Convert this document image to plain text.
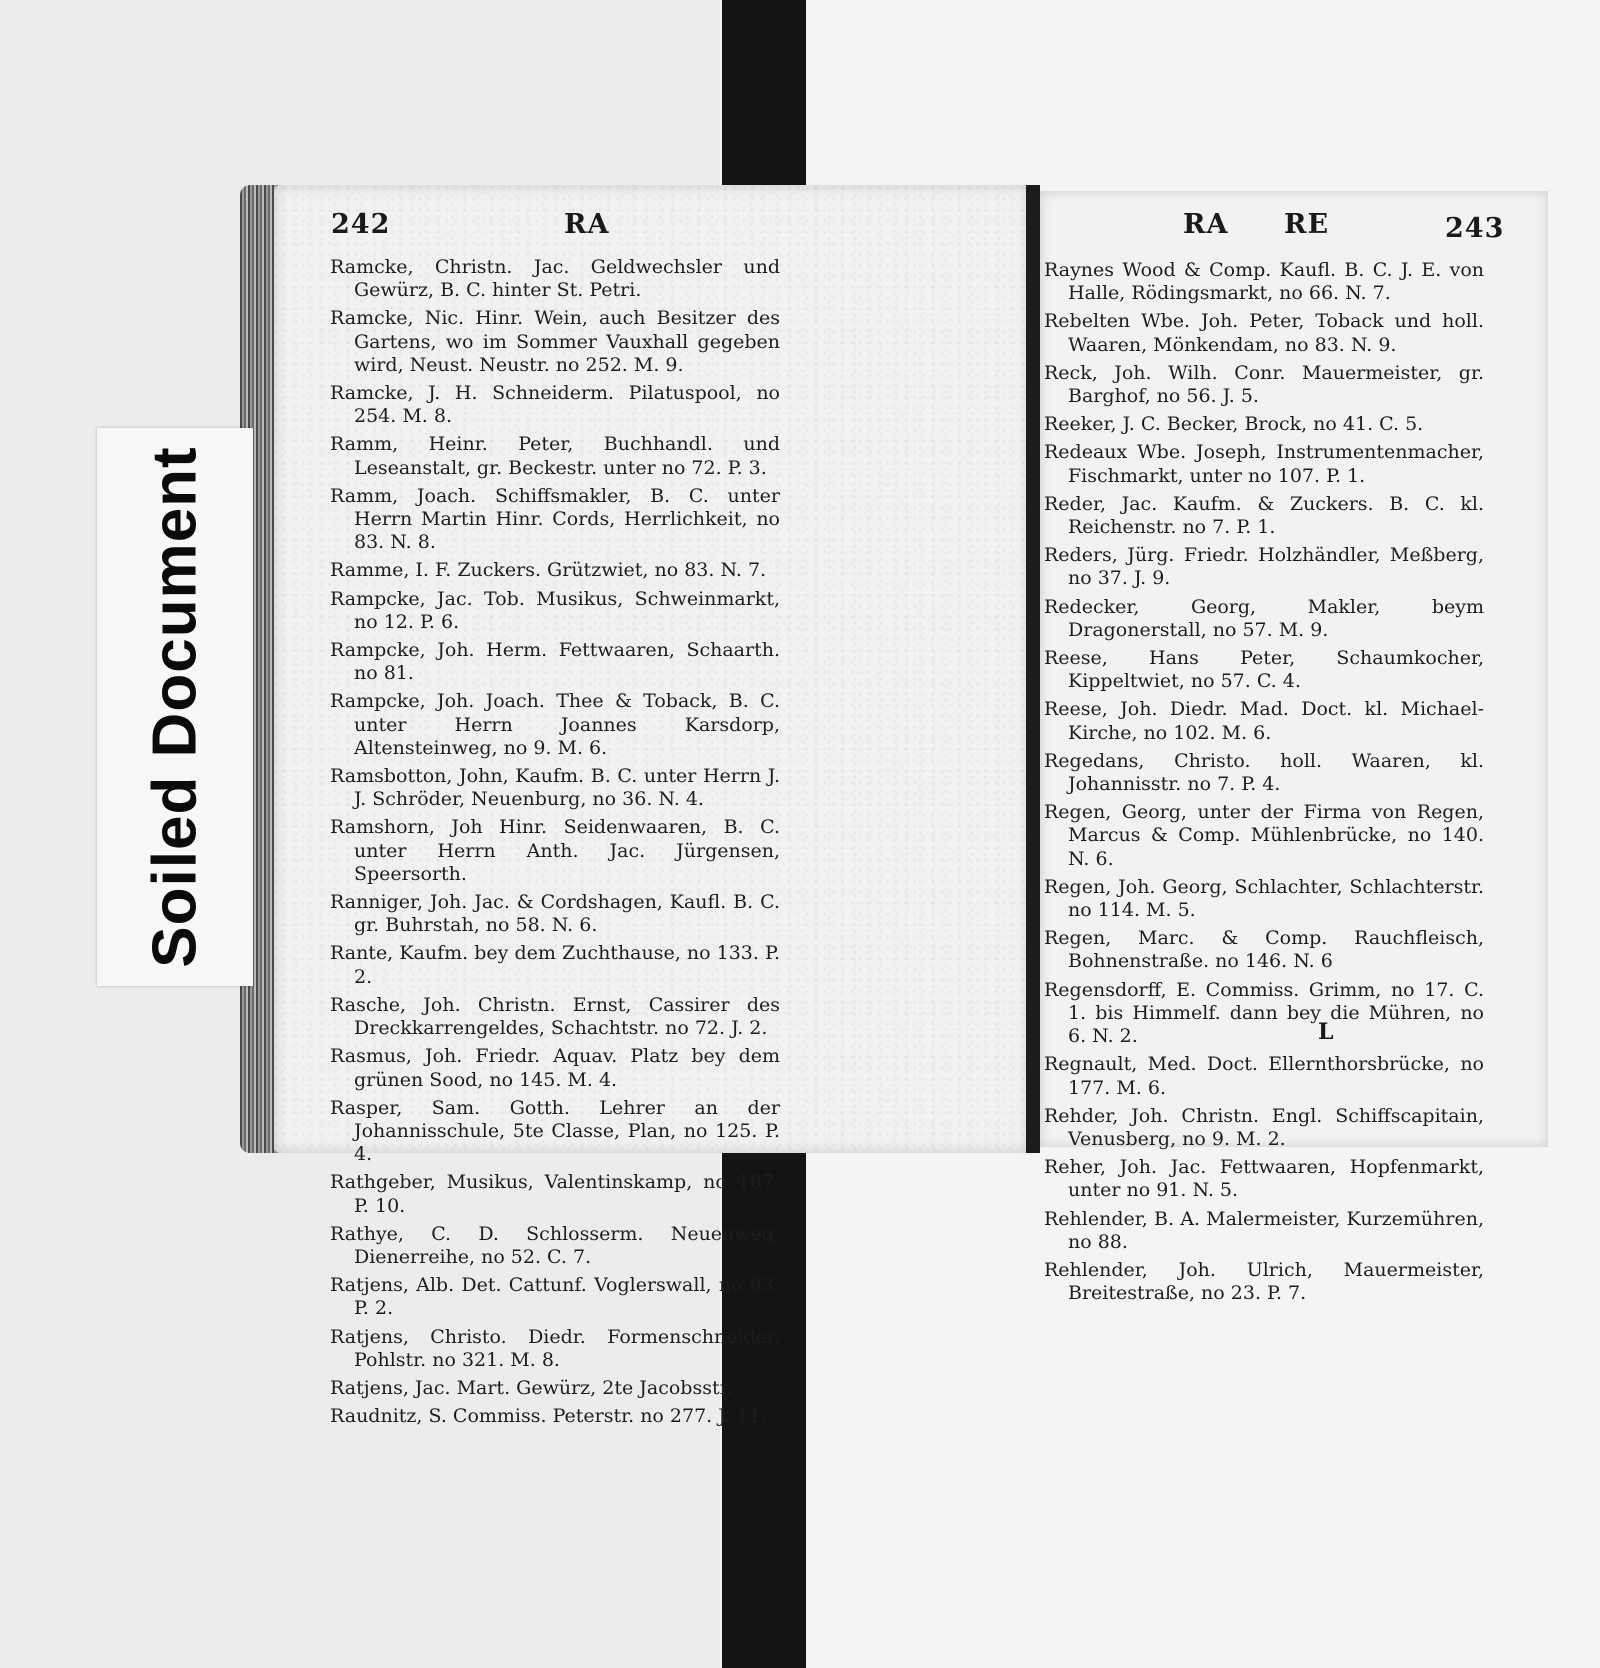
242	RA
Ramcke, Christn. Jac. Geldwechsler und Gewürz, B. C. hinter St. Petri.
Ramcke, Nic. Hinr. Wein, auch Besitzer des Gartens, wo im Sommer Vauxhall gegeben wird, Neust. Neustr. no 252. M. 9.
Ramcke, J. H. Schneiderm. Pilatuspool, no 254. M. 8.
Ramm, Heinr. Peter, Buchhandl. und Leseanstalt, gr. Beckestr. unter no 72. P. 3.
Ramm, Joach. Schiffsmakler, B. C. unter Herrn Martin Hinr. Cords, Herrlichkeit, no 83. N. 8.
Ramme, I. F. Zuckers. Grützwiet, no 83. N. 7.
Rampcke, Jac. Tob. Musikus, Schweinmarkt, no 12. P. 6.
Rampcke, Joh. Herm. Fettwaaren, Schaarth. no 81.
Rampcke, Joh. Joach. Thee & Toback, B. C. unter Herrn Joannes Karsdorp, Altensteinweg, no 9. M. 6.
Ramsbotton, John, Kaufm. B. C. unter Herrn J. J. Schröder, Neuenburg, no 36. N. 4.
Ramshorn, Joh Hinr. Seidenwaaren, B. C. unter Herrn Anth. Jac. Jürgensen, Speersorth.
Ranniger, Joh. Jac. & Cordshagen, Kaufl. B. C. gr. Buhrstah, no 58. N. 6.
Rante, Kaufm. bey dem Zuchthause, no 133. P. 2.
Rasche, Joh. Christn. Ernst, Cassirer des Dreckkarrengeldes, Schachtstr. no 72. J. 2.
Rasmus, Joh. Friedr. Aquav. Platz bey dem grünen Sood, no 145. M. 4.
Rasper, Sam. Gotth. Lehrer an der Johannisschule, 5te Classe, Plan, no 125. P. 4.
Rathgeber, Musikus, Valentinskamp, no 167. P. 10.
Rathye, C. D. Schlosserm. Neuenweg, Dienerreihe, no 52. C. 7.
Ratjens, Alb. Det. Cattunf. Voglerswall, no 93. P. 2.
Ratjens, Christo. Diedr. Formenschneider, Pohlstr. no 321. M. 8.
Ratjens, Jac. Mart. Gewürz, 2te Jacobsstr.
Raudnitz, S. Commiss. Peterstr. no 277. J. 11.
RA RE	243
Raynes Wood & Comp. Kaufl. B. C. J. E. von Halle, Rödingsmarkt, no 66. N. 7.
Rebelten Wbe. Joh. Peter, Toback und holl. Waaren, Mönkendam, no 83. N. 9.
Reck, Joh. Wilh. Conr. Mauermeister, gr. Barghof, no 56. J. 5.
Reeker, J. C. Becker, Brock, no 41. C. 5.
Redeaux Wbe. Joseph, Instrumentenmacher, Fischmarkt, unter no 107. P. 1.
Reder, Jac. Kaufm. & Zuckers. B. C. kl. Reichenstr. no 7. P. 1.
Reders, Jürg. Friedr. Holzhändler, Meßberg, no 37. J. 9.
Redecker, Georg, Makler, beym Dragonerstall, no 57. M. 9.
Reese, Hans Peter, Schaumkocher, Kippeltwiet, no 57. C. 4.
Reese, Joh. Diedr. Mad. Doct. kl. Michael-Kirche, no 102. M. 6.
Regedans, Christo. holl. Waaren, kl. Johannisstr. no 7. P. 4.
Regen, Georg, unter der Firma von Regen, Marcus & Comp. Mühlenbrücke, no 140. N. 6.
Regen, Joh. Georg, Schlachter, Schlachterstr. no 114. M. 5.
Regen, Marc. & Comp. Rauchfleisch, Bohnenstraße. no 146. N. 6
Regensdorff, E. Commiss. Grimm, no 17. C. 1. bis Himmelf. dann bey die Mühren, no 6. N. 2.
Regnault, Med. Doct. Ellernthorsbrücke, no 177. M. 6.
Rehder, Joh. Christn. Engl. Schiffscapitain, Venusberg, no 9. M. 2.
Reher, Joh. Jac. Fettwaaren, Hopfenmarkt, unter no 91. N. 5.
Rehlender, B. A. Malermeister, Kurzemühren, no 88.
Rehlender, Joh. Ulrich, Mauermeister, Breitestraße, no 23. P. 7.
L
Soiled Document
